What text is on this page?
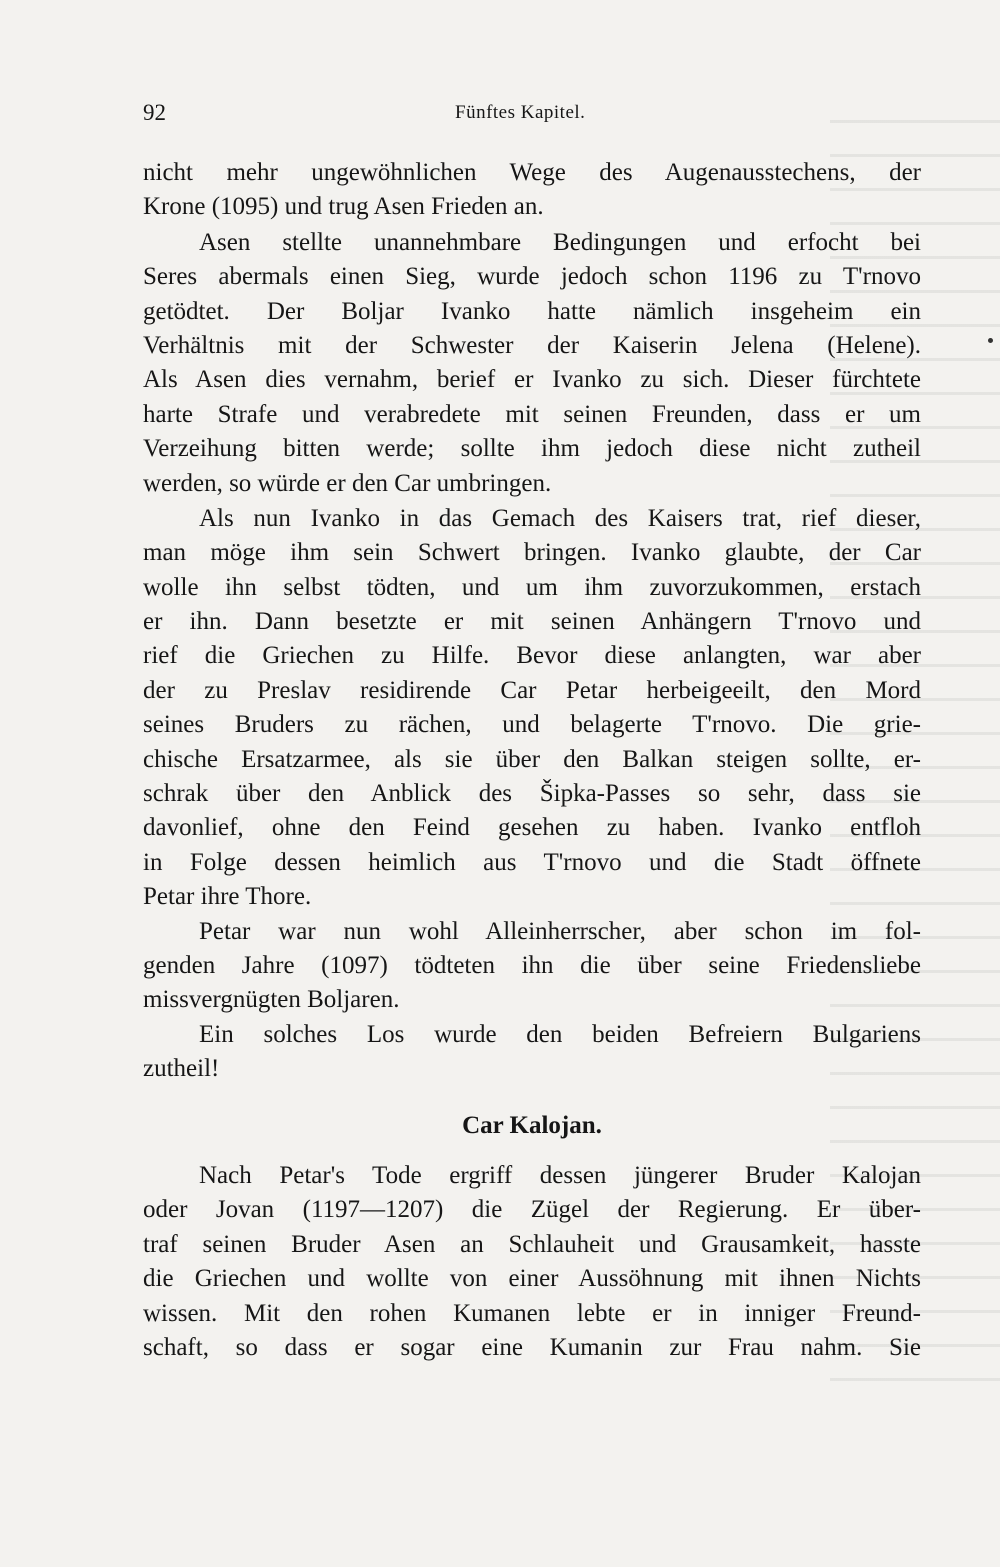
92	Fünftes Kapitel.
nicht mehr ungewöhnlichen Wege des Augenausstechens, der
Krone (1095) und trug Asen Frieden an.
Asen stellte unannehmbare Bedingungen und erfocht bei
Seres abermals einen Sieg, wurde jedoch schon 1196 zu T'rnovo
getödtet. Der Boljar Ivanko hatte nämlich insgeheim ein
Verhältnis mit der Schwester der Kaiserin Jelena (Helene).
Als Asen dies vernahm, berief er Ivanko zu sich. Dieser fürchtete
harte Strafe und verabredete mit seinen Freunden, dass er um
Verzeihung bitten werde; sollte ihm jedoch diese nicht zutheil
werden, so würde er den Car umbringen.
Als nun Ivanko in das Gemach des Kaisers trat, rief dieser,
man möge ihm sein Schwert bringen. Ivanko glaubte, der Car
wolle ihn selbst tödten, und um ihm zuvorzukommen, erstach
er ihn. Dann besetzte er mit seinen Anhängern T'rnovo und
rief die Griechen zu Hilfe. Bevor diese anlangten, war aber
der zu Preslav residirende Car Petar herbeigeeilt, den Mord
seines Bruders zu rächen, und belagerte T'rnovo. Die grie-
chische Ersatzarmee, als sie über den Balkan steigen sollte, er-
schrak über den Anblick des Šipka-Passes so sehr, dass sie
davonlief, ohne den Feind gesehen zu haben. Ivanko entfloh
in Folge dessen heimlich aus T'rnovo und die Stadt öffnete
Petar ihre Thore.
Petar war nun wohl Alleinherrscher, aber schon im fol-
genden Jahre (1097) tödteten ihn die über seine Friedensliebe
missvergnügten Boljaren.
Ein solches Los wurde den beiden Befreiern Bulgariens
zutheil!
Car Kalojan.
Nach Petar's Tode ergriff dessen jüngerer Bruder Kalojan
oder Jovan (1197—1207) die Zügel der Regierung. Er über-
traf seinen Bruder Asen an Schlauheit und Grausamkeit, hasste
die Griechen und wollte von einer Aussöhnung mit ihnen Nichts
wissen. Mit den rohen Kumanen lebte er in inniger Freund-
schaft, so dass er sogar eine Kumanin zur Frau nahm. Sie
